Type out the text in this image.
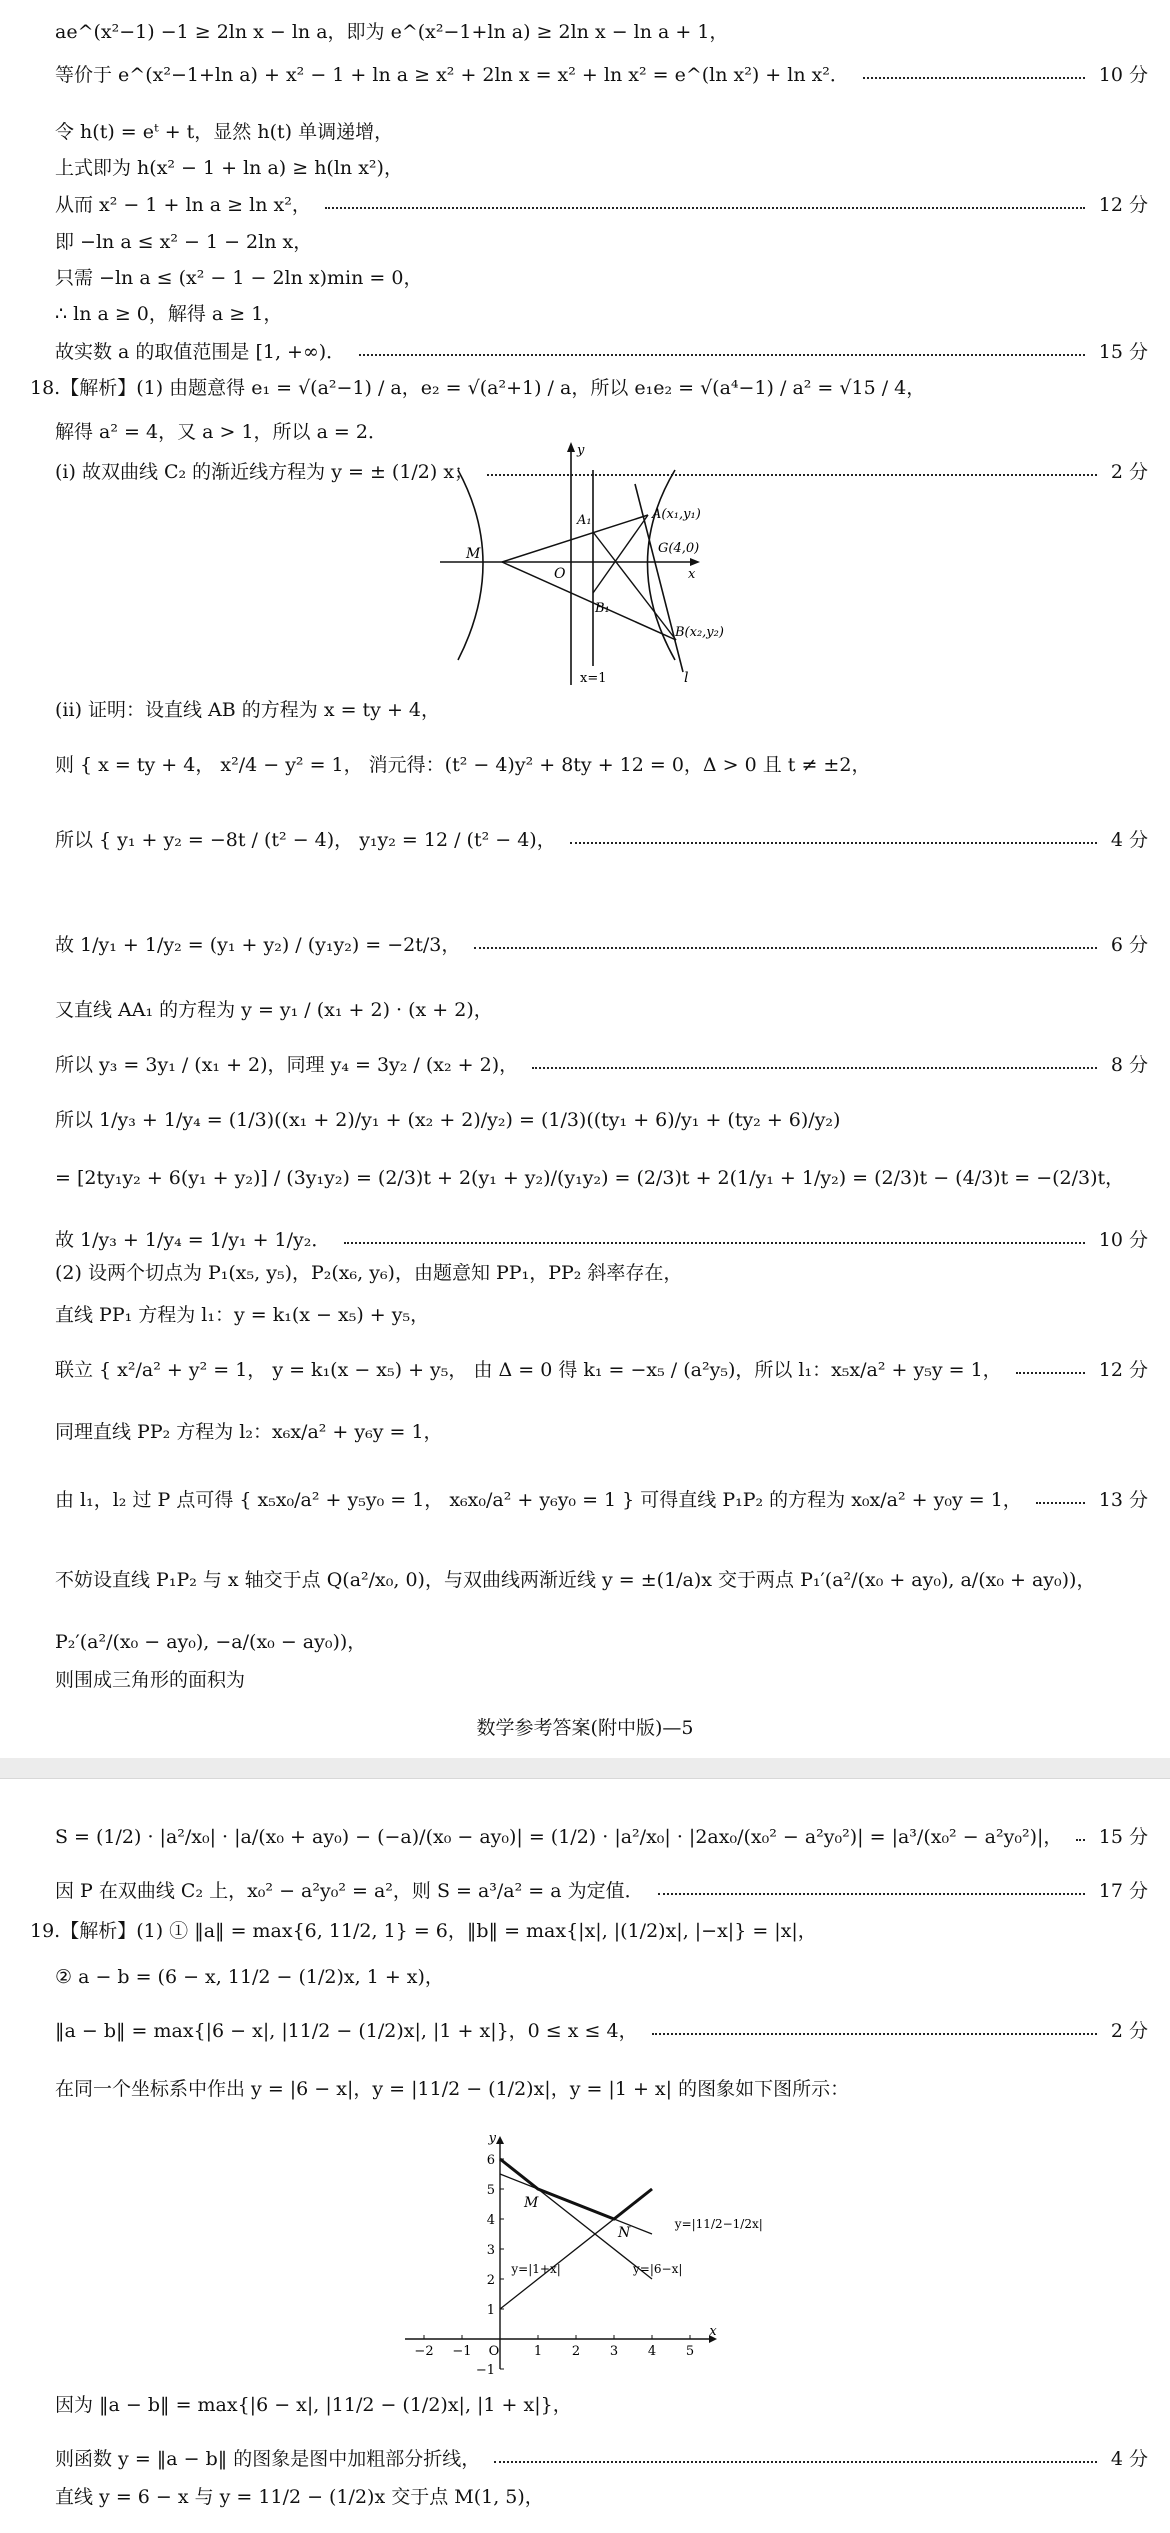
ae^(x²−1) −1 ≥ 2ln x − ln a，即为 e^(x²−1+ln a) ≥ 2ln x − ln a + 1，
等价于 e^(x²−1+ln a) + x² − 1 + ln a ≥ x² + 2ln x = x² + ln x² = e^(ln x²) + ln x²．	10 分
令 h(t) = eᵗ + t，显然 h(t) 单调递增，
上式即为 h(x² − 1 + ln a) ≥ h(ln x²)，
从而 x² − 1 + ln a ≥ ln x²，	12 分
即 −ln a ≤ x² − 1 − 2ln x，
只需 −ln a ≤ (x² − 1 − 2ln x)min = 0，
∴ ln a ≥ 0，解得 a ≥ 1，
故实数 a 的取值范围是 [1, +∞)．	15 分
18.【解析】(1) 由题意得 e₁ = √(a²−1) / a，e₂ = √(a²+1) / a，所以 e₁e₂ = √(a⁴−1) / a² = √15 / 4，
解得 a² = 4，又 a > 1，所以 a = 2．
(ⅰ) 故双曲线 C₂ 的渐近线方程为 y = ± (1/2) x；	2 分
(ⅱ) 证明：设直线 AB 的方程为 x = ty + 4，
则 { x = ty + 4， x²/4 − y² = 1， 消元得：(t² − 4)y² + 8ty + 12 = 0，Δ > 0 且 t ≠ ±2，
所以 { y₁ + y₂ = −8t / (t² − 4)， y₁y₂ = 12 / (t² − 4)，	4 分
故 1/y₁ + 1/y₂ = (y₁ + y₂) / (y₁y₂) = −2t/3，	6 分
又直线 AA₁ 的方程为 y = y₁ / (x₁ + 2) · (x + 2)，
所以 y₃ = 3y₁ / (x₁ + 2)，同理 y₄ = 3y₂ / (x₂ + 2)，	8 分
所以 1/y₃ + 1/y₄ = (1/3)((x₁ + 2)/y₁ + (x₂ + 2)/y₂) = (1/3)((ty₁ + 6)/y₁ + (ty₂ + 6)/y₂)
= [2ty₁y₂ + 6(y₁ + y₂)] / (3y₁y₂) = (2/3)t + 2(y₁ + y₂)/(y₁y₂) = (2/3)t + 2(1/y₁ + 1/y₂) = (2/3)t − (4/3)t = −(2/3)t，
故 1/y₃ + 1/y₄ = 1/y₁ + 1/y₂．	10 分
(2) 设两个切点为 P₁(x₅, y₅)，P₂(x₆, y₆)，由题意知 PP₁，PP₂ 斜率存在，
直线 PP₁ 方程为 l₁：y = k₁(x − x₅) + y₅，
联立 { x²/a² + y² = 1， y = k₁(x − x₅) + y₅， 由 Δ = 0 得 k₁ = −x₅ / (a²y₅)，所以 l₁：x₅x/a² + y₅y = 1，	12 分
同理直线 PP₂ 方程为 l₂：x₆x/a² + y₆y = 1，
由 l₁，l₂ 过 P 点可得 { x₅x₀/a² + y₅y₀ = 1， x₆x₀/a² + y₆y₀ = 1 } 可得直线 P₁P₂ 的方程为 x₀x/a² + y₀y = 1，	13 分
不妨设直线 P₁P₂ 与 x 轴交于点 Q(a²/x₀, 0)，与双曲线两渐近线 y = ±(1/a)x 交于两点 P₁′(a²/(x₀ + ay₀), a/(x₀ + ay₀))，
P₂′(a²/(x₀ − ay₀), −a/(x₀ − ay₀))，
则围成三角形的面积为
y
x
M
O
A₁	A(x₁,y₁)
G(4,0)
B₁
B(x₂,y₂)
x=1	l
数学参考答案(附中版)—5
S = (1/2) · |a²/x₀| · |a/(x₀ + ay₀) − (−a)/(x₀ − ay₀)| = (1/2) · |a²/x₀| · |2ax₀/(x₀² − a²y₀²)| = |a³/(x₀² − a²y₀²)|， 15 分
因 P 在双曲线 C₂ 上，x₀² − a²y₀² = a²，则 S = a³/a² = a 为定值．	17 分
19.【解析】(1) ① ‖a‖ = max{6, 11/2, 1} = 6，‖b‖ = max{|x|, |(1/2)x|, |−x|} = |x|，
② a − b = (6 − x, 11/2 − (1/2)x, 1 + x)，
‖a − b‖ = max{|6 − x|, |11/2 − (1/2)x|, |1 + x|}，0 ≤ x ≤ 4，	2 分
在同一个坐标系中作出 y = |6 − x|，y = |11/2 − (1/2)x|，y = |1 + x| 的图象如下图所示：
因为 ‖a − b‖ = max{|6 − x|, |11/2 − (1/2)x|, |1 + x|}，
则函数 y = ‖a − b‖ 的图象是图中加粗部分折线，	4 分
直线 y = 6 − x 与 y = 11/2 − (1/2)x 交于点 M(1, 5)，
−2 −1 O	1 2 3 4 5
x
6
5
4
3
2
1
−1
y
M
N
y=|11/2−1/2x|
y=|6−x|
y=|1+x|
